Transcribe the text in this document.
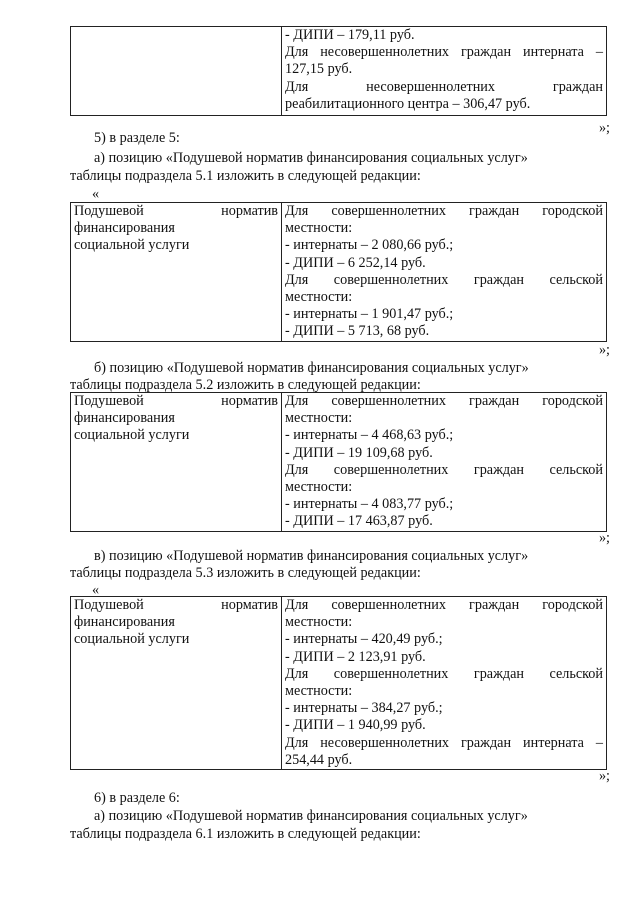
- ДИПИ – 179,11 руб.
Для несовершеннолетних граждан интерната –
127,15 руб.
Для несовершеннолетних граждан
реабилитационного центра – 306,47 руб.
»;
5) в разделе 5:
а) позицию «Подушевой норматив финансирования социальных услуг»
таблицы подраздела 5.1 изложить в следующей редакции:
«
Подушевой норматив
финансирования
социальной услуги

Для совершеннолетних граждан городской
местности:
- интернаты – 2 080,66 руб.;
- ДИПИ – 6 252,14 руб.
Для совершеннолетних граждан сельской
местности:
- интернаты – 1 901,47 руб.;
- ДИПИ – 5 713, 68 руб.
»;
б) позицию «Подушевой норматив финансирования социальных услуг»
таблицы подраздела 5.2 изложить в следующей редакции:
Подушевой норматив
финансирования
социальной услуги

Для совершеннолетних граждан городской
местности:
- интернаты – 4 468,63 руб.;
- ДИПИ – 19 109,68 руб.
Для совершеннолетних граждан сельской
местности:
- интернаты – 4 083,77 руб.;
- ДИПИ – 17 463,87 руб.
»;
в) позицию «Подушевой норматив финансирования социальных услуг»
таблицы подраздела 5.3 изложить в следующей редакции:
«
Подушевой норматив
финансирования
социальной услуги

Для совершеннолетних граждан городской
местности:
- интернаты – 420,49 руб.;
- ДИПИ – 2 123,91 руб.
Для совершеннолетних граждан сельской
местности:
- интернаты – 384,27 руб.;
- ДИПИ – 1 940,99 руб.
Для несовершеннолетних граждан интерната –
254,44 руб.
»;
6) в разделе 6:
а) позицию «Подушевой норматив финансирования социальных услуг»
таблицы подраздела 6.1 изложить в следующей редакции:
